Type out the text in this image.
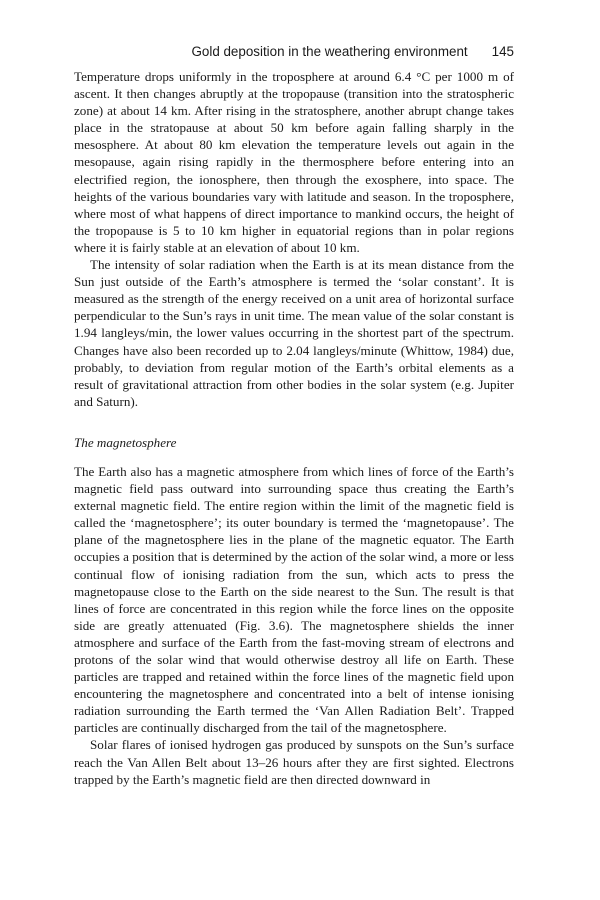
Gold deposition in the weathering environment 145

Temperature drops uniformly in the troposphere at around 6.4 °C per 1000 m of ascent. It then changes abruptly at the tropopause (transition into the stratospheric zone) at about 14 km. After rising in the stratosphere, another abrupt change takes place in the stratopause at about 50 km before again falling sharply in the mesosphere. At about 80 km elevation the temperature levels out again in the mesopause, again rising rapidly in the thermosphere before entering into an electrified region, the ionosphere, then through the exosphere, into space. The heights of the various boundaries vary with latitude and season. In the troposphere, where most of what happens of direct importance to mankind occurs, the height of the tropopause is 5 to 10 km higher in equatorial regions than in polar regions where it is fairly stable at an elevation of about 10 km.

The intensity of solar radiation when the Earth is at its mean distance from the Sun just outside of the Earth’s atmosphere is termed the ‘solar constant’. It is measured as the strength of the energy received on a unit area of horizontal surface perpendicular to the Sun’s rays in unit time. The mean value of the solar constant is 1.94 langleys/min, the lower values occurring in the shortest part of the spectrum. Changes have also been recorded up to 2.04 langleys/minute (Whittow, 1984) due, probably, to deviation from regular motion of the Earth’s orbital elements as a result of gravitational attraction from other bodies in the solar system (e.g. Jupiter and Saturn).

The magnetosphere

The Earth also has a magnetic atmosphere from which lines of force of the Earth’s magnetic field pass outward into surrounding space thus creating the Earth’s external magnetic field. The entire region within the limit of the magnetic field is called the ‘magnetosphere’; its outer boundary is termed the ‘magnetopause’. The plane of the magnetosphere lies in the plane of the magnetic equator. The Earth occupies a position that is determined by the action of the solar wind, a more or less continual flow of ionising radiation from the sun, which acts to press the magnetopause close to the Earth on the side nearest to the Sun. The result is that lines of force are concentrated in this region while the force lines on the opposite side are greatly attenuated (Fig. 3.6). The magnetosphere shields the inner atmosphere and surface of the Earth from the fast-moving stream of electrons and protons of the solar wind that would otherwise destroy all life on Earth. These particles are trapped and retained within the force lines of the magnetic field upon encountering the magnetosphere and concentrated into a belt of intense ionising radiation surrounding the Earth termed the ‘Van Allen Radiation Belt’. Trapped particles are continually discharged from the tail of the magnetosphere.

Solar flares of ionised hydrogen gas produced by sunspots on the Sun’s surface reach the Van Allen Belt about 13–26 hours after they are first sighted. Electrons trapped by the Earth’s magnetic field are then directed downward in
